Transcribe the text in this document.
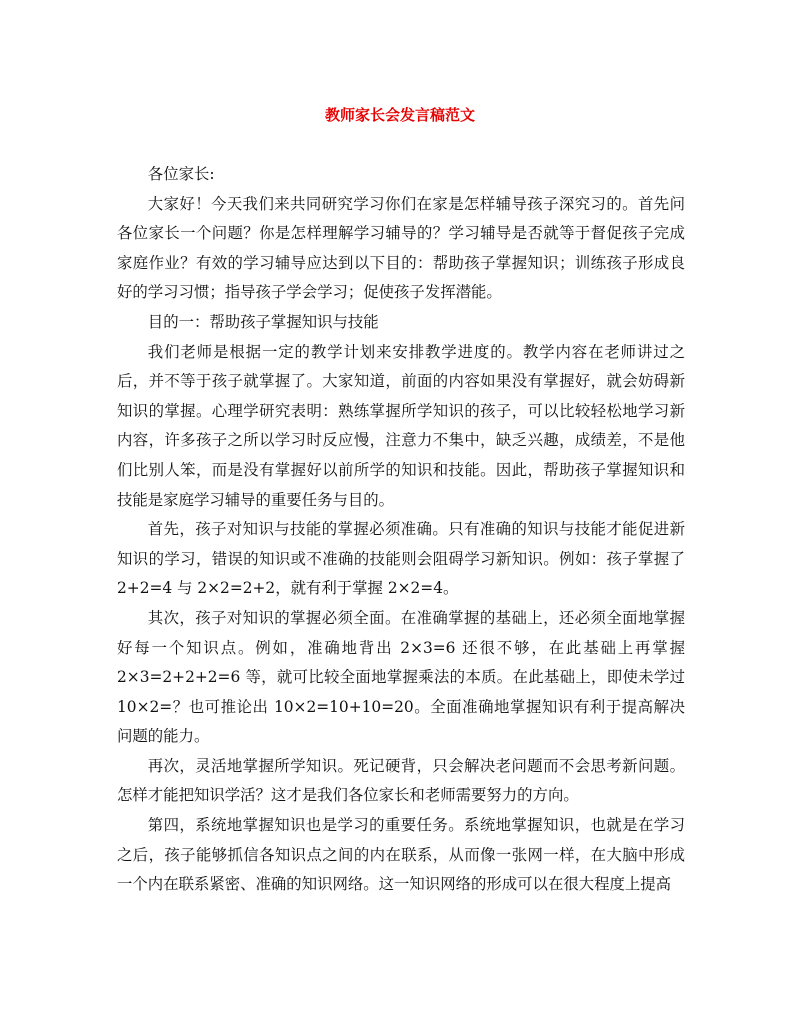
教师家长会发言稿范文

各位家长:

大家好！今天我们来共同研究学习你们在家是怎样辅导孩子深究习的。首先问各位家长一个问题？你是怎样理解学习辅导的？学习辅导是否就等于督促孩子完成家庭作业？有效的学习辅导应达到以下目的：帮助孩子掌握知识；训练孩子形成良好的学习习惯；指导孩子学会学习；促使孩子发挥潜能。

目的一：帮助孩子掌握知识与技能

我们老师是根据一定的教学计划来安排教学进度的。教学内容在老师讲过之后，并不等于孩子就掌握了。大家知道，前面的内容如果没有掌握好，就会妨碍新知识的掌握。心理学研究表明：熟练掌握所学知识的孩子，可以比较轻松地学习新内容，许多孩子之所以学习时反应慢，注意力不集中，缺乏兴趣，成绩差，不是他们比别人笨，而是没有掌握好以前所学的知识和技能。因此，帮助孩子掌握知识和技能是家庭学习辅导的重要任务与目的。

首先，孩子对知识与技能的掌握必须准确。只有准确的知识与技能才能促进新知识的学习，错误的知识或不准确的技能则会阻碍学习新知识。例如：孩子掌握了2+2=4 与 2×2=2+2，就有利于掌握 2×2=4。

其次，孩子对知识的掌握必须全面。在准确掌握的基础上，还必须全面地掌握好每一个知识点。例如，准确地背出 2×3=6 还很不够，在此基础上再掌握2×3=2+2+2=6 等，就可比较全面地掌握乘法的本质。在此基础上，即使未学过10×2=？也可推论出 10×2=10+10=20。全面准确地掌握知识有利于提高解决问题的能力。

再次，灵活地掌握所学知识。死记硬背，只会解决老问题而不会思考新问题。怎样才能把知识学活？这才是我们各位家长和老师需要努力的方向。

第四，系统地掌握知识也是学习的重要任务。系统地掌握知识，也就是在学习之后，孩子能够抓信各知识点之间的内在联系，从而像一张网一样，在大脑中形成一个内在联系紧密、准确的知识网络。这一知识网络的形成可以在很大程度上提高
